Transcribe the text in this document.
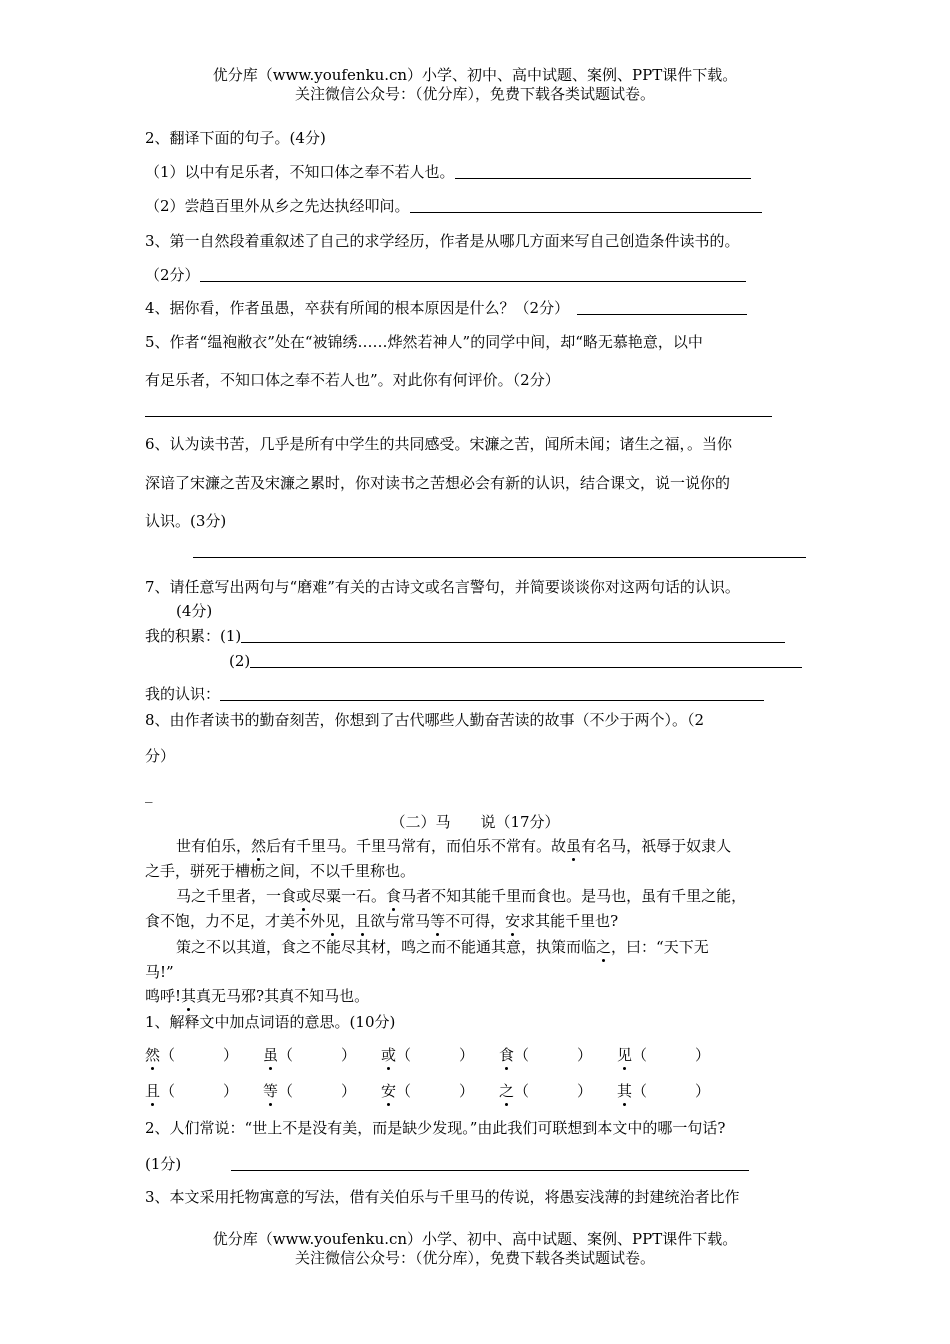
优分库（www.youfenku.cn）小学、初中、高中试题、案例、PPT课件下载。
关注微信公众号：（优分库），免费下载各类试题试卷。
2、翻译下面的句子。(4分)
（1）以中有足乐者，不知口体之奉不若人也。
（2）尝趋百里外从乡之先达执经叩问。
3、第一自然段着重叙述了自己的求学经历，作者是从哪几方面来写自己创造条件读书的。
（2分）
4、据你看，作者虽愚，卒获有所闻的根本原因是什么？（2分）
5、作者“缊袍敝衣”处在“被锦绣……烨然若神人”的同学中间，却“略无慕艳意，以中
有足乐者，不知口体之奉不若人也”。对此你有何评价。（2分）
6、认为读书苦，几乎是所有中学生的共同感受。宋濂之苦，闻所未闻；诸生之福，。当你
深谙了宋濂之苦及宋濂之累时，你对读书之苦想必会有新的认识，结合课文，说一说你的
认识。(3分)
7、请任意写出两句与“磨难”有关的古诗文或名言警句，并简要谈谈你对这两句话的认识。
(4分)
我的积累：(1)
(2)
我的认识：
8、由作者读书的勤奋刻苦，你想到了古代哪些人勤奋苦读的故事（不少于两个）。（2
分）
_
（二）马　　说（17分）
世有伯乐，然后有千里马。千里马常有，而伯乐不常有。故虽有名马，祇辱于奴隶人
之手，骈死于槽枥之间，不以千里称也。
马之千里者，一食或尽粟一石。食马者不知其能千里而食也。是马也，虽有千里之能，
食不饱，力不足，才美不外见，且欲与常马等不可得，安求其能千里也?
策之不以其道，食之不能尽其材，鸣之而不能通其意，执策而临之，曰：“天下无
马!”
鸣呼!其真无马邪?其真不知马也。
1、解释文中加点词语的意思。(10分)
然（	） 虽（	） 或（	） 食（	） 见（	）
且（	） 等（	） 安（	） 之（	） 其（	）
2、人们常说：“世上不是没有美，而是缺少发现。”由此我们可联想到本文中的哪一句话?
(1分)
3、本文采用托物寓意的写法，借有关伯乐与千里马的传说，将愚妄浅薄的封建统治者比作
优分库（www.youfenku.cn）小学、初中、高中试题、案例、PPT课件下载。
关注微信公众号：（优分库），免费下载各类试题试卷。
